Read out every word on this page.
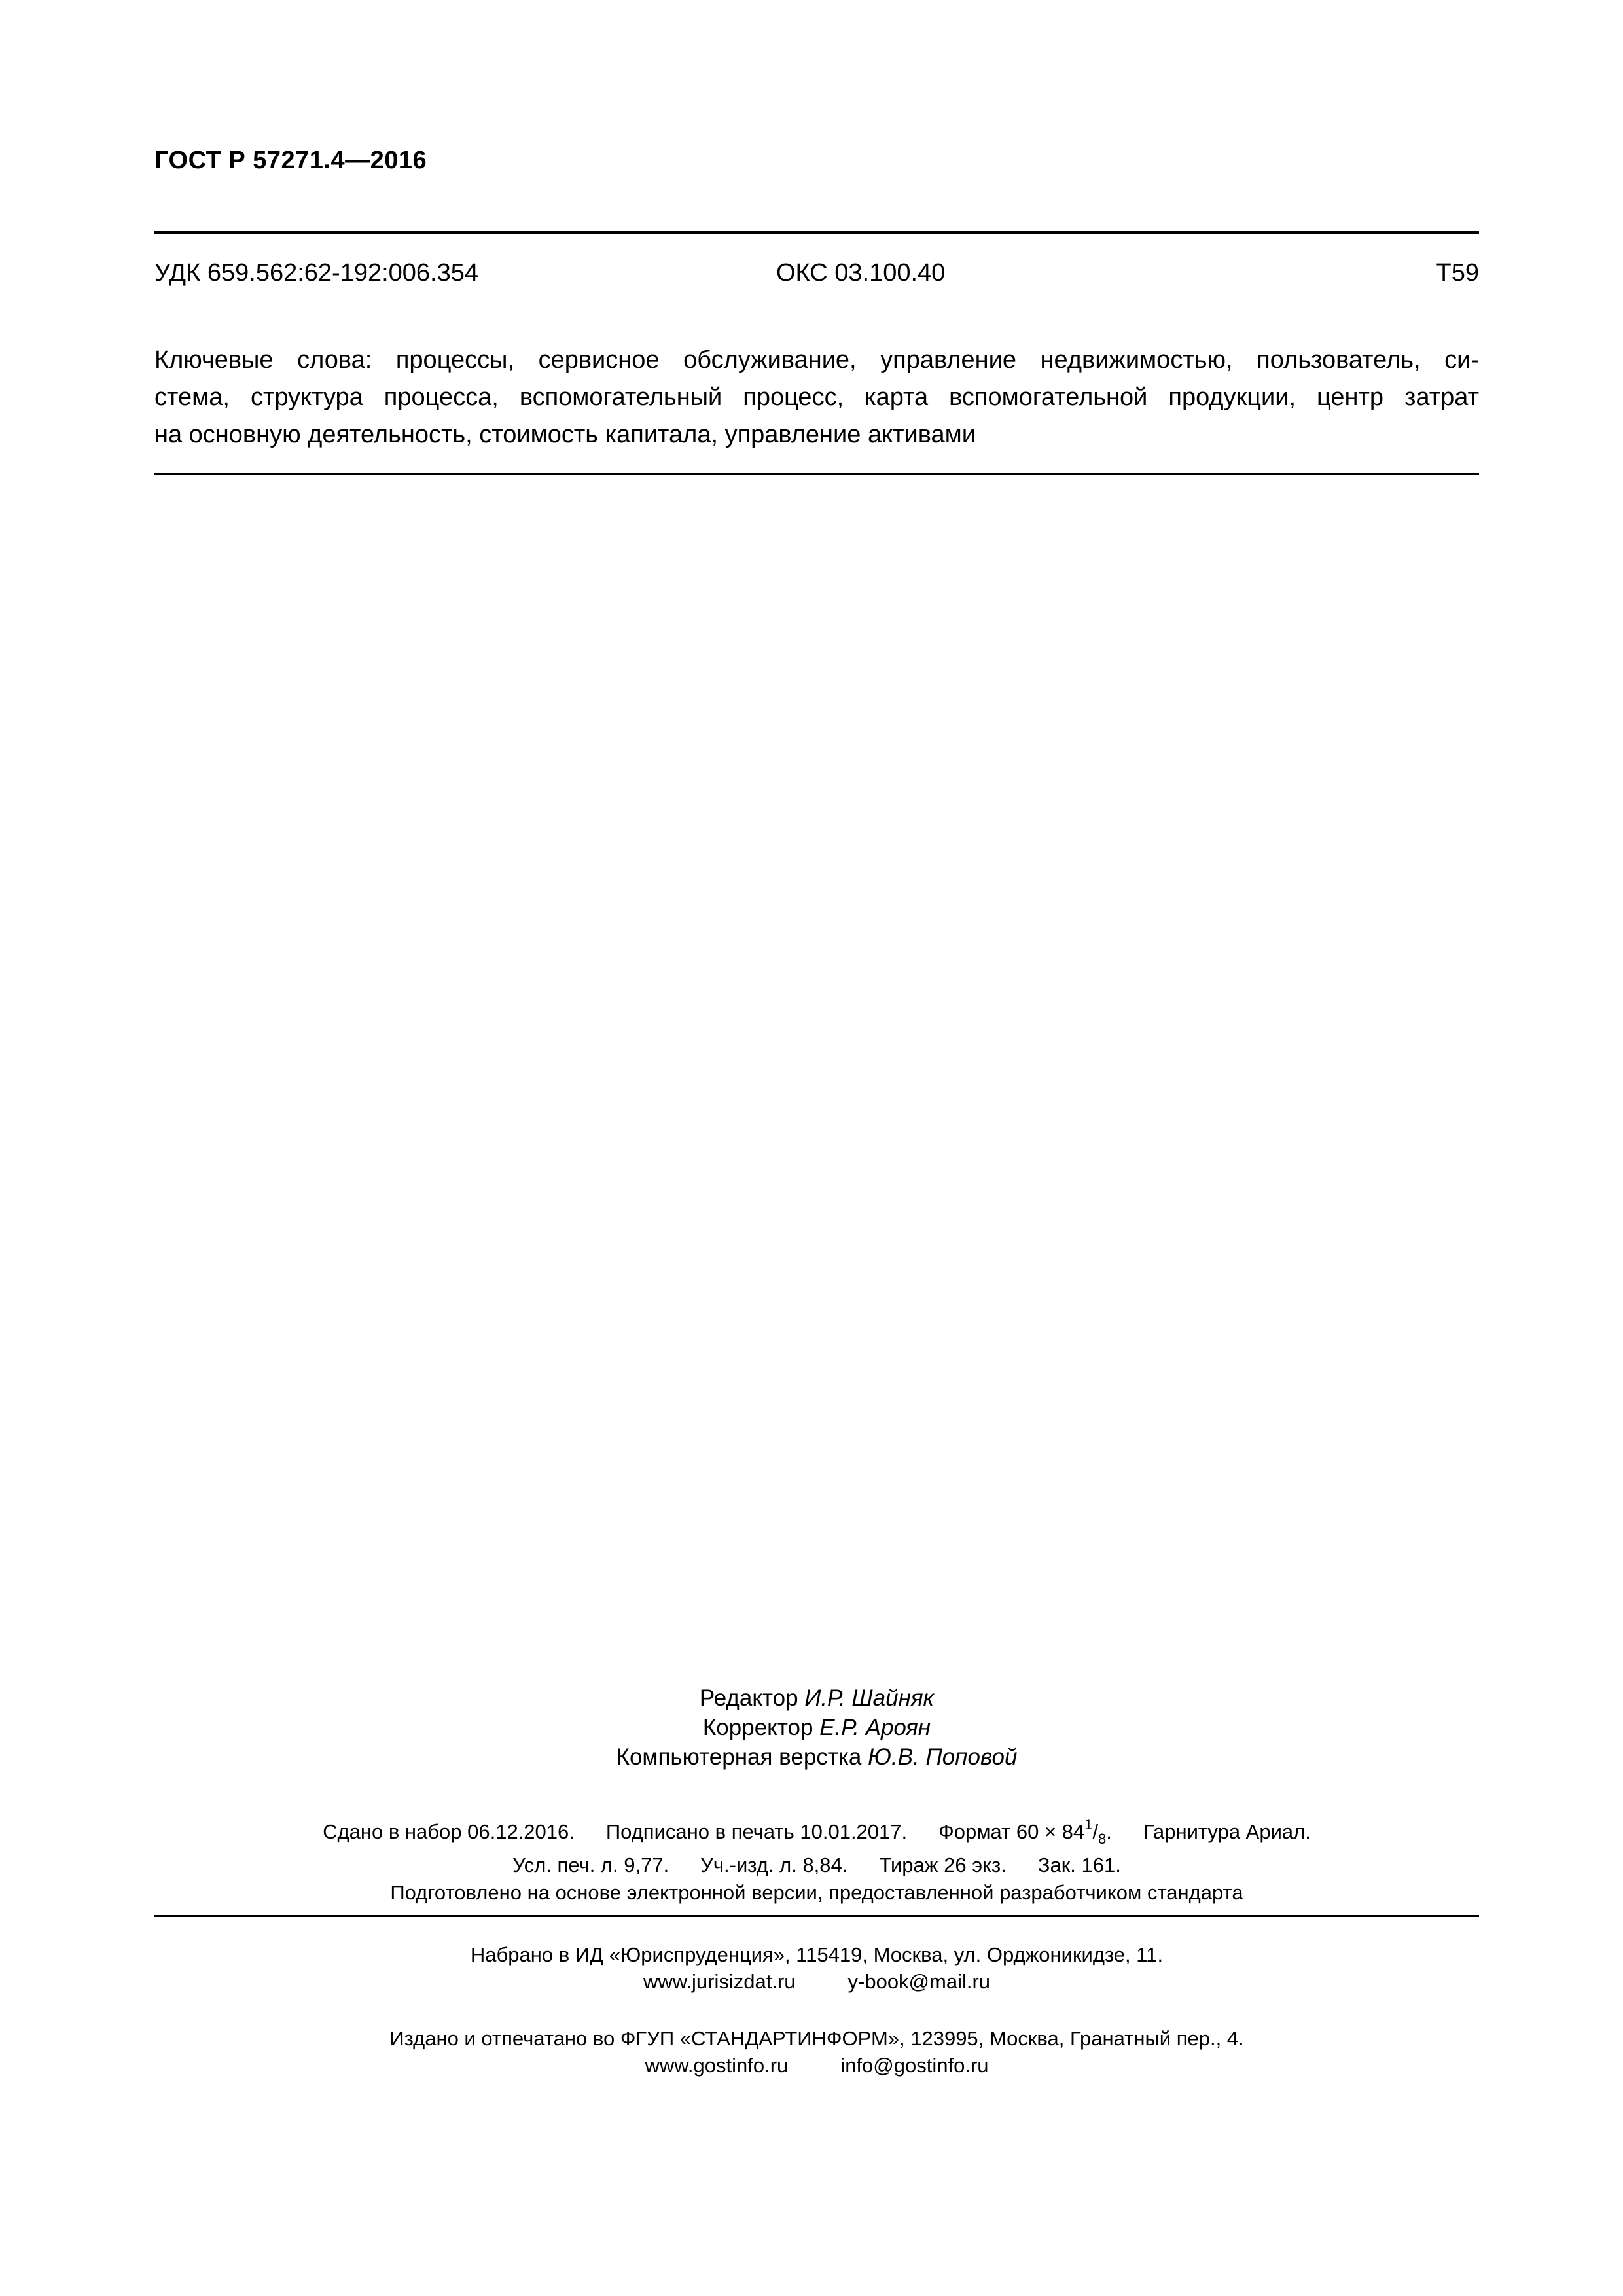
ГОСТ Р 57271.4—2016
УДК 659.562:62-192:006.354	ОКС 03.100.40	Т59
Ключевые слова: процессы, сервисное обслуживание, управление недвижимостью, пользователь, си-
стема, структура процесса, вспомогательный процесс, карта вспомогательной продукции, центр затрат
на основную деятельность, стоимость капитала, управление активами
Редактор И.Р. Шайняк
Корректор Е.Р. Ароян
Компьютерная верстка Ю.В. Поповой
Сдано в набор 06.12.2016. Подписано в печать 10.01.2017. Формат $60 \times 84^1/_8$. Гарнитура Ариал.
Усл. печ. л. 9,77. Уч.-изд. л. 8,84. Тираж 26 экз. Зак. 161.
Подготовлено на основе электронной версии, предоставленной разработчиком стандарта
Набрано в ИД «Юриспруденция», 115419, Москва, ул. Орджоникидзе, 11.
www.jurisizdat.ru	y-book@mail.ru
Издано и отпечатано во ФГУП «СТАНДАРТИНФОРМ», 123995, Москва, Гранатный пер., 4.
www.gostinfo.ru	info@gostinfo.ru
